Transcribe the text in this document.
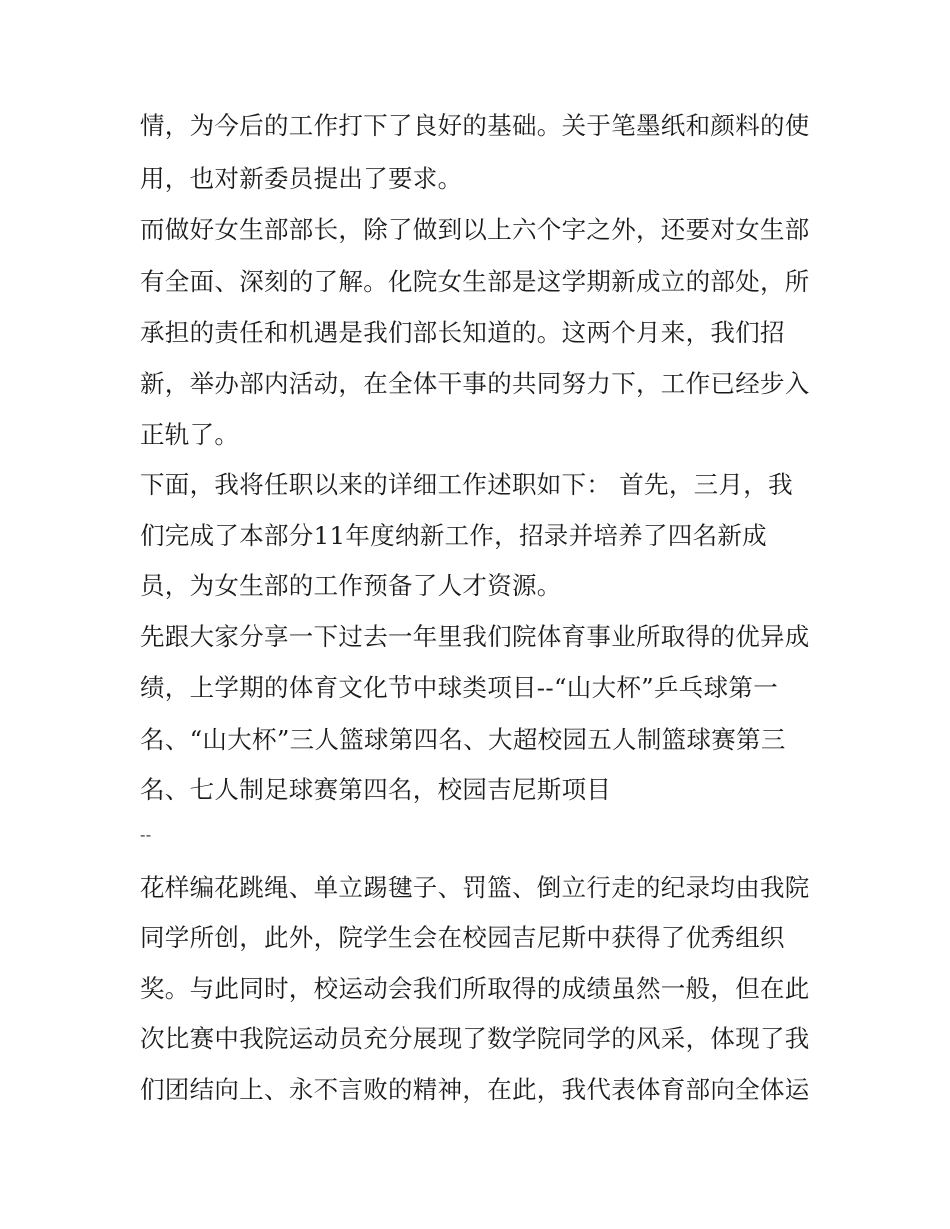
情，为今后的工作打下了良好的基础。关于笔墨纸和颜料的使
用，也对新委员提出了要求。
而做好女生部部长，除了做到以上六个字之外，还要对女生部
有全面、深刻的了解。化院女生部是这学期新成立的部处，所
承担的责任和机遇是我们部长知道的。这两个月来，我们招
新，举办部内活动，在全体干事的共同努力下，工作已经步入
正轨了。
下面，我将任职以来的详细工作述职如下： 首先，三月，我
们完成了本部分11年度纳新工作，招录并培养了四名新成
员，为女生部的工作预备了人才资源。
先跟大家分享一下过去一年里我们院体育事业所取得的优异成
绩，上学期的体育文化节中球类项目--“山大杯”乒乓球第一
名、“山大杯”三人篮球第四名、大超校园五人制篮球赛第三
名、七人制足球赛第四名，校园吉尼斯项目
--
花样编花跳绳、单立踢毽子、罚篮、倒立行走的纪录均由我院
同学所创，此外，院学生会在校园吉尼斯中获得了优秀组织
奖。与此同时，校运动会我们所取得的成绩虽然一般，但在此
次比赛中我院运动员充分展现了数学院同学的风采，体现了我
们团结向上、永不言败的精神，在此，我代表体育部向全体运
